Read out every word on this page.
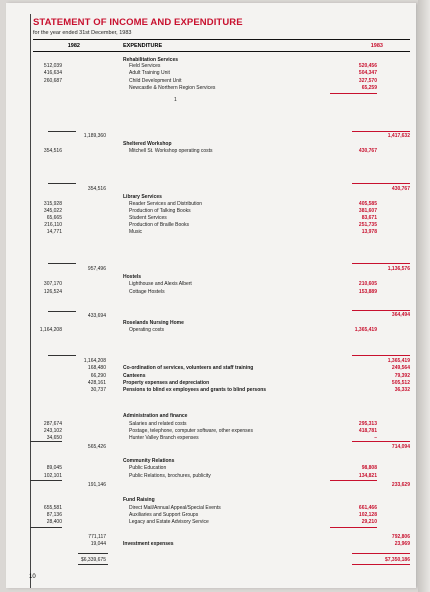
STATEMENT OF INCOME AND EXPENDITURE
for the year ended 31st December, 1983
1982	EXPENDITURE	1983
Rehabilitation Services
512,039	Field Services	520,456
416,634	Adult Training Unit	504,347
260,687	Child Development Unit	327,570
Newcastle & Northern Region Services	65,259
1
1,189,360	1,417,632
Sheltered Workshop
354,516	Mitchell St. Workshop operating costs	430,767
354,516	430,767
Library Services
315,928	Reader Services and Distribution	405,585
345,022	Production of Talking Books	381,607
65,665	Student Services	83,671
216,110	Production of Braille Books	251,735
14,771	Music	13,978
957,496	1,136,576
Hostels
307,170	Lighthouse and Alexis Albert	210,605
126,524	Cottage Hostels	153,889
433,694	364,494
Roselands Nursing Home
1,164,208	Operating costs	1,365,419
1,164,208	1,365,419
168,480	Co-ordination of services, volunteers and staff training	249,564
66,290	Canteens	79,392
428,161	Property expenses and depreciation	505,512
30,737	Pensions to blind ex employees and grants to blind persons	36,332
Administration and finance
287,674	Salaries and related costs	295,313
243,102	Postage, telephone, computer software, other expenses	418,781
34,650	Hunter Valley Branch expenses	–
565,426	714,094
Community Relations
89,045	Public Education	98,808
102,101	Public Relations, brochures, publicity	134,821
191,146	233,629
Fund Raising
655,581	Direct Mail/Annual Appeal/Special Events	661,466
87,136	Auxiliaries and Support Groups	102,128
28,400	Legacy and Estate Advisory Service	29,210
771,117	792,806
19,044	Investment expenses	23,969
$6,339,675	$7,350,186
10
